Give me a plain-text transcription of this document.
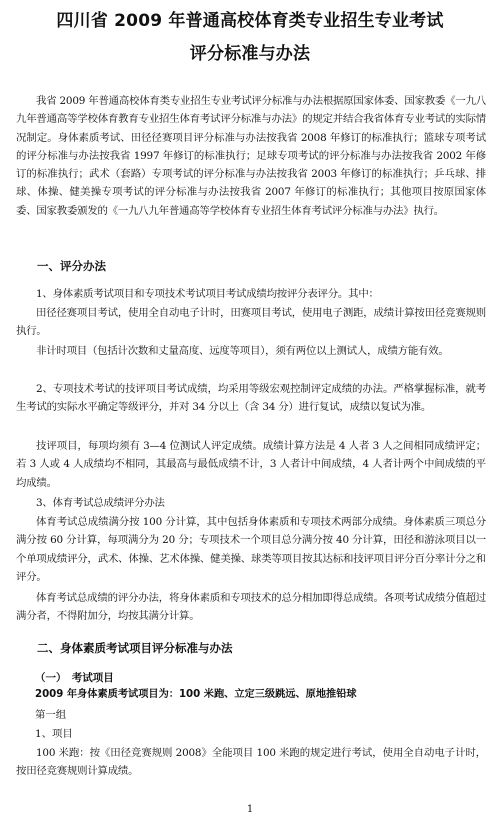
四川省 2009 年普通高校体育类专业招生专业考试
评分标准与办法

我省 2009 年普通高校体育类专业招生专业考试评分标准与办法根据原国家体委、国家教委《一九八九年普通高等学校体育教育专业招生体育考试评分标准与办法》的规定并结合我省体育专业考试的实际情况制定。身体素质考试、田径径赛项目评分标准与办法按我省 2008 年修订的标准执行；篮球专项考试的评分标准与办法按我省 1997 年修订的标准执行；足球专项考试的评分标准与办法按我省 2002 年修订的标准执行；武术（套路）专项考试的评分标准与办法按我省 2003 年修订的标准执行；乒乓球、排球、体操、健美操专项考试的评分标准与办法按我省 2007 年修订的标准执行；其他项目按原国家体委、国家教委颁发的《一九八九年普通高等学校体育专业招生体育考试评分标准与办法》执行。

一、评分办法

1、身体素质考试项目和专项技术考试项目考试成绩均按评分表评分。其中：

田径径赛项目考试，使用全自动电子计时，田赛项目考试，使用电子测距，成绩计算按田径竞赛规则执行。

非计时项目（包括计次数和丈量高度、远度等项目），须有两位以上测试人，成绩方能有效。

2、专项技术考试的技评项目考试成绩，均采用等级宏观控制评定成绩的办法。严格掌握标准，就考生考试的实际水平确定等级评分，并对 34 分以上（含 34 分）进行复试，成绩以复试为准。

技评项目，每项均须有 3—4 位测试人评定成绩。成绩计算方法是 4 人者 3 人之间相同成绩评定；若 3 人或 4 人成绩均不相同，其最高与最低成绩不计，3 人者计中间成绩，4 人者计两个中间成绩的平均成绩。

3、体育考试总成绩评分办法

体育考试总成绩满分按 100 分计算，其中包括身体素质和专项技术两部分成绩。身体素质三项总分满分按 60 分计算，每项满分为 20 分；专项技术一个项目总分满分按 40 分计算，田径和游泳项目以一个单项成绩评分，武术、体操、艺术体操、健美操、球类等项目按其达标和技评项目评分百分率计分之和评分。

体育考试总成绩的评分办法，将身体素质和专项技术的总分相加即得总成绩。各项考试成绩分值超过满分者，不得附加分，均按其满分计算。

二、身体素质考试项目评分标准与办法
（一）　考试项目
2009 年身体素质考试项目为：100 米跑、立定三级跳远、原地推铅球
第一组
1、项目

100 米跑：按《田径竞赛规则 2008》全能项目 100 米跑的规定进行考试，使用全自动电子计时，按田径竞赛规则计算成绩。

1
